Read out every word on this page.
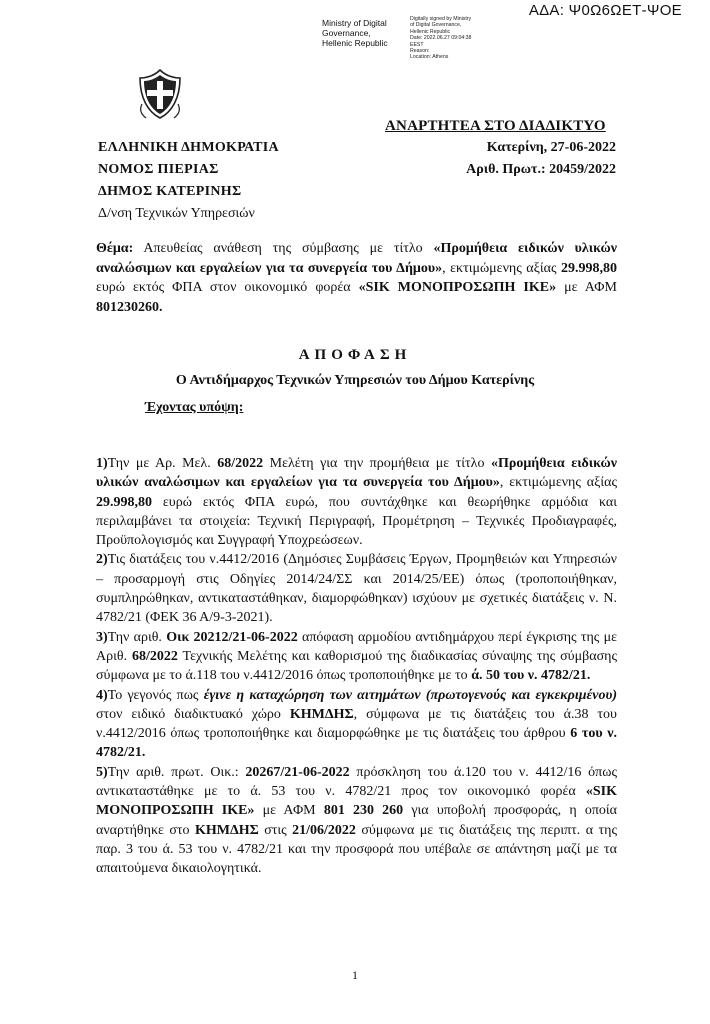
ΑΔΑ: Ψ0Ω6ΩΕΤ-ΨΟΕ
Ministry of Digital
Governance,
Hellenic Republic
Digitally signed by Ministry
of Digital Governance,
Hellenic Republic
Date: 2022.06.27 09:04:38
EEST
Reason:
Location: Athens
ΑΝΑΡΤΗΤΕΑ ΣΤΟ ΔΙΑΔΙΚΤΥΟ
ΕΛΛΗΝΙΚΗ ΔΗΜΟΚΡΑΤΙΑ
ΝΟΜΟΣ ΠΙΕΡΙΑΣ
ΔΗΜΟΣ ΚΑΤΕΡΙΝΗΣ
Δ/νση Τεχνικών Υπηρεσιών
Κατερίνη, 27-06-2022
Αριθ. Πρωτ.: 20459/2022
Θέμα: Απευθείας ανάθεση της σύμβασης με τίτλο «Προμήθεια ειδικών υλικών αναλώσιμων και εργαλείων για τα συνεργεία του Δήμου», εκτιμώμενης αξίας 29.998,80 ευρώ εκτός ΦΠΑ στον οικονομικό φορέα «SIK ΜΟΝΟΠΡΟΣΩΠΗ ΙΚΕ» με ΑΦΜ 801230260.
ΑΠΟΦΑΣΗ
Ο Αντιδήμαρχος Τεχνικών Υπηρεσιών του Δήμου Κατερίνης
Έχοντας υπόψη:

1)Την με Αρ. Μελ. 68/2022 Μελέτη για την προμήθεια με τίτλο «Προμήθεια ειδικών υλικών αναλώσιμων και εργαλείων για τα συνεργεία του Δήμου», εκτιμώμενης αξίας 29.998,80 ευρώ εκτός ΦΠΑ ευρώ, που συντάχθηκε και θεωρήθηκε αρμόδια και περιλαμβάνει τα στοιχεία: Τεχνική Περιγραφή, Προμέτρηση – Τεχνικές Προδιαγραφές, Προϋπολογισμός και Συγγραφή Υποχρεώσεων.

2)Τις διατάξεις του ν.4412/2016 (Δημόσιες Συμβάσεις Έργων, Προμηθειών και Υπηρεσιών – προσαρμογή στις Οδηγίες 2014/24/ΣΣ και 2014/25/ΕΕ) όπως (τροποποιήθηκαν, συμπληρώθηκαν, αντικαταστάθηκαν, διαμορφώθηκαν) ισχύουν με σχετικές διατάξεις ν. Ν. 4782/21 (ΦΕΚ 36 Α/9-3-2021).

3)Την αριθ. Οικ 20212/21-06-2022 απόφαση αρμοδίου αντιδημάρχου περί έγκρισης της με Αριθ. 68/2022 Τεχνικής Μελέτης και καθορισμού της διαδικασίας σύναψης της σύμβασης σύμφωνα με το ά.118 του ν.4412/2016 όπως τροποποιήθηκε με το ά. 50 του ν. 4782/21.

4)Το γεγονός πως έγινε η καταχώρηση των αιτημάτων (πρωτογενούς και εγκεκριμένου) στον ειδικό διαδικτυακό χώρο ΚΗΜΔΗΣ, σύμφωνα με τις διατάξεις του ά.38 του ν.4412/2016 όπως τροποποιήθηκε και διαμορφώθηκε με τις διατάξεις του άρθρου 6 του ν. 4782/21.

5)Την αριθ. πρωτ. Οικ.: 20267/21-06-2022 πρόσκληση του ά.120 του ν. 4412/16 όπως αντικαταστάθηκε με το ά. 53 του ν. 4782/21 προς τον οικονομικό φορέα «SIK ΜΟΝΟΠΡΟΣΩΠΗ ΙΚΕ» με ΑΦΜ 801 230 260 για υποβολή προσφοράς, η οποία αναρτήθηκε στο ΚΗΜΔΗΣ στις 21/06/2022 σύμφωνα με τις διατάξεις της περιπτ. α της παρ. 3 του ά. 53 του ν. 4782/21 και την προσφορά που υπέβαλε σε απάντηση μαζί με τα απαιτούμενα δικαιολογητικά.

1
